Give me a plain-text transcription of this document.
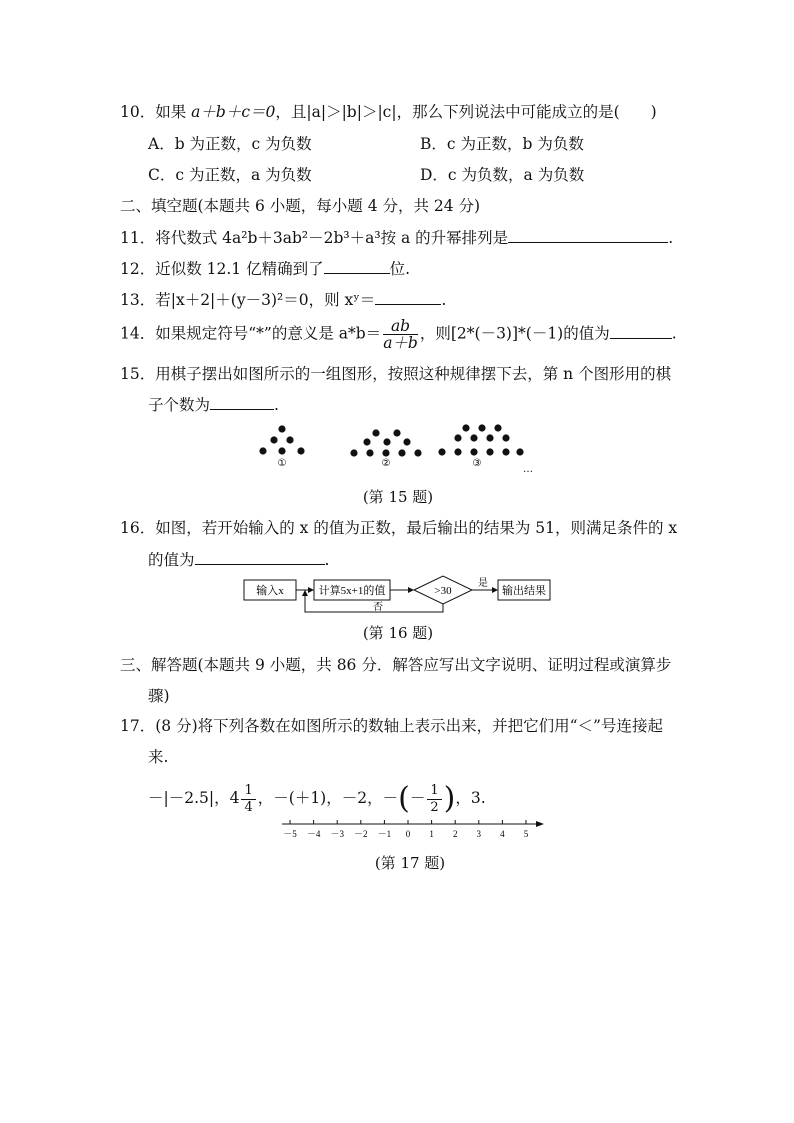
10．如果 a＋b＋c＝0，且|a|＞|b|＞|c|，那么下列说法中可能成立的是(　　)
A．b 为正数，c 为负数	B．c 为正数，b 为负数
C．c 为正数，a 为负数	D．c 为负数，a 为负数
二、填空题(本题共 6 小题，每小题 4 分，共 24 分)
11．将代数式 4a²b＋3ab²－2b³＋a³按 a 的升幂排列是	.
12．近似数 12.1 亿精确到了	位.
13．若|x＋2|＋(y－3)²＝0，则 xʸ＝	.
14．如果规定符号“*”的意义是 $a*b= \frac{ab}{a+b}$ ，则[2*(－3)]*(－1)的值为	.
15．用棋子摆出如图所示的一组图形，按照这种规律摆下去，第 n 个图形用的棋
子个数为	.
①	②	③
…
(第 15 题)
16．如图，若开始输入的 x 的值为正数，最后输出的结果为 51，则满足条件的 x
的值为	.
输入x	计算5x+1的值	>30
是
输出结果
否
(第 16 题)
三、解答题(本题共 9 小题，共 86 分．解答应写出文字说明、证明过程或演算步
骤)
17．(8 分)将下列各数在如图所示的数轴上表示出来，并把它们用“＜”号连接起
来.
－|－2.5|，$4 \frac{1}{4}$ ，－(＋1)，－2，－(－ $\frac{1}{2}$ )，3.
－5 －4 －3 －2 －1 0 1 2 3 4 5
(第 17 题)
